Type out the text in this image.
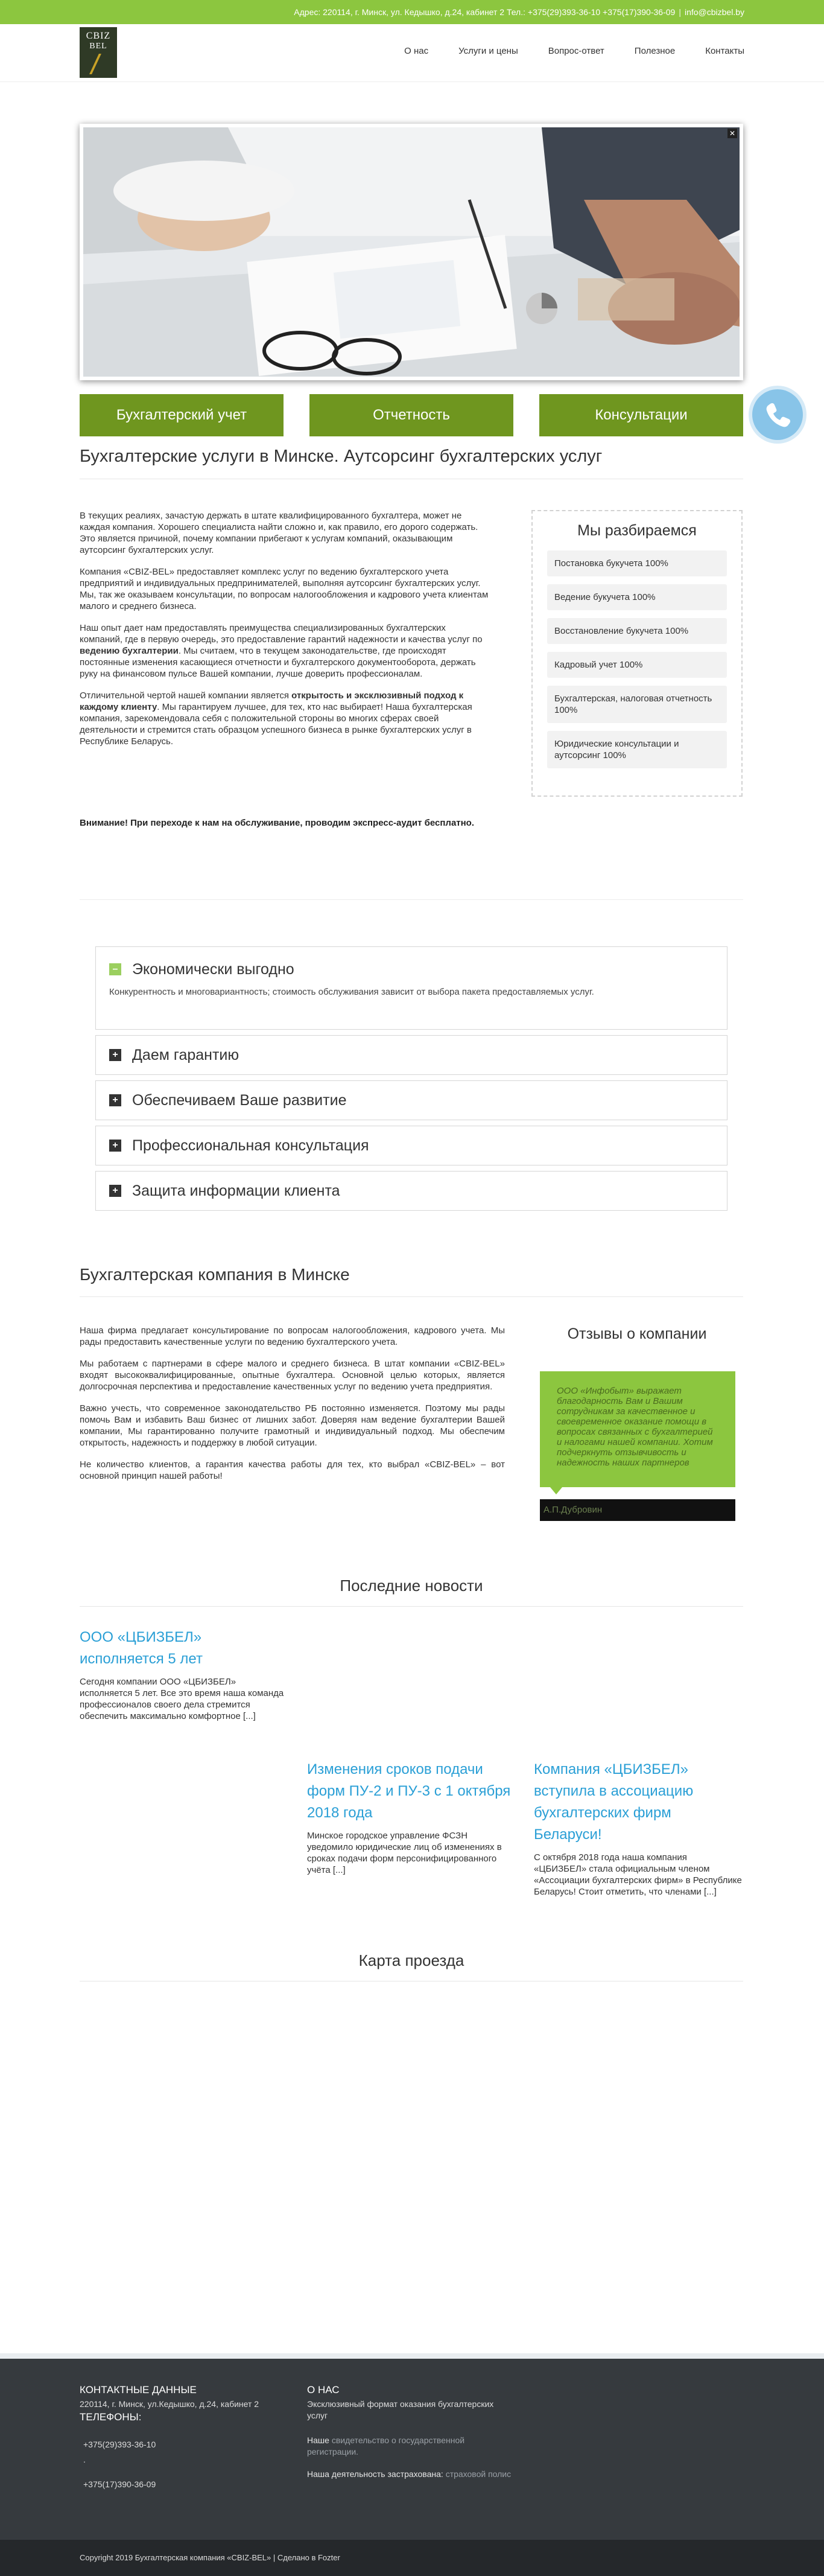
Адрес: 220114, г. Минск, ул. Кедышко, д.24, кабинет 2 Тел.: +375(29)393-36-10 +375(17)390-36-09 | info@cbizbel.by
CBIZ
BEL	О нас	Услуги и цены	Вопрос-ответ	Полезное	Контакты
✕
Бухгалтерский учет	Отчетность	Консультации
Бухгалтерские услуги в Минске. Аутсорсинг бухгалтерских услуг

В текущих реалиях, зачастую держать в штате квалифицированного бухгалтера, может не каждая компания. Хорошего специалиста найти сложно и, как правило, его дорого содержать. Это является причиной, почему компании прибегают к услугам компаний, оказывающим аутсорсинг бухгалтерских услуг.

Компания «CBIZ-BEL» предоставляет комплекс услуг по ведению бухгалтерского учета предприятий и индивидуальных предпринимателей, выполняя аутсорсинг бухгалтерских услуг. Мы, так же оказываем консультации, по вопросам налогообложения и кадрового учета клиентам малого и среднего бизнеса.

Наш опыт дает нам предоставлять преимущества специализированных бухгалтерских компаний, где в первую очередь, это предоставление гарантий надежности и качества услуг по ведению бухгалтерии. Мы считаем, что в текущем законодательстве, где происходят постоянные изменения касающиеся отчетности и бухгалтерского документооборота, держать руку на финансовом пульсе Вашей компании, лучше доверить профессионалам.

Отличительной чертой нашей компании является открытость и эксклюзивный подход к каждому клиенту. Мы гарантируем лучшее, для тех, кто нас выбирает! Наша бухгалтерская компания, зарекомендовала себя с положительной стороны во многих сферах своей деятельности и стремится стать образцом успешного бизнеса в рынке бухгалтерских услуг в Республике Беларусь.

Внимание! При переходе к нам на обслуживание, проводим экспресс-аудит бесплатно.
Мы разбираемся
Постановка букучета 100%
Ведение букучета 100%
Восстановление букучета 100%
Кадровый учет 100%
Бухгалтерская, налоговая отчетность 100%
Юридические консультации и аутсорсинг 100%
– Экономически выгодно
Конкурентность и многовариантность; стоимость обслуживания зависит от выбора пакета предоставляемых услуг.
+ Даем гарантию
+ Обеспечиваем Ваше развитие
+ Профессиональная консультация
+ Защита информации клиента
Бухгалтерская компания в Минске

Наша фирма предлагает консультирование по вопросам налогообложения, кадрового учета. Мы рады предоставить качественные услуги по ведению бухгалтерского учета.

Мы работаем с партнерами в сфере малого и среднего бизнеса. В штат компании «CBIZ-BEL» входят высококвалифицированные, опытные бухгалтера. Основной целью которых, является долгосрочная перспектива и предоставление качественных услуг по ведению учета предприятия.

Важно учесть, что современное законодательство РБ постоянно изменяется. Поэтому мы рады помочь Вам и избавить Ваш бизнес от лишних забот. Доверяя нам ведение бухгалтерии Вашей компании, Мы гарантированно получите грамотный и индивидуальный подход. Мы обеспечим открытость, надежность и поддержку в любой ситуации.

Не количество клиентов, а гарантия качества работы для тех, кто выбрал «CBIZ-BEL» – вот основной принцип нашей работы!

Отзывы о компании
ООО «Инфобыт» выражает благодарность Вам и Вашим сотрудникам за качественное и своевременное оказание помощи в вопросах связанных с бухгалтерией и налогами нашей компании. Хотим подчеркнуть отзывчивость и надежность наших партнеров
А.П.Дубровин
Последние новости
ООО «ЦБИЗБЕЛ» исполняется 5 лет

Сегодня компании ООО «ЦБИЗБЕЛ» исполняется 5 лет. Все это время наша команда профессионалов своего дела стремится обеспечить максимально комфортное [...]

Изменения сроков подачи форм ПУ-2 и ПУ-3 с 1 октября 2018 года

Минское городское управление ФСЗН уведомило юридические лиц об изменениях в сроках подачи форм персонифицированного учёта [...]

Компания «ЦБИЗБЕЛ» вступила в ассоциацию бухгалтерских фирм Беларуси!

С октября 2018 года наша компания «ЦБИЗБЕЛ» стала официальным членом «Ассоциации бухгалтерских фирм» в Республике Беларусь! Стоит отметить, что членами [...]

Карта проезда
КОНТАКТНЫЕ ДАННЫЕ
220114, г. Минск, ул.Кедышко, д.24, кабинет 2
ТЕЛЕФОНЫ:
+375(29)393-36-10
.
+375(17)390-36-09
О НАС
Эксклюзивный формат оказания бухгалтерских услуг

Наше свидетельство о государственной регистрации.

Наша деятельность застрахована: страховой полис

Copyright 2019 Бухгалтерская компания «CBIZ-BEL» | Сделано в Fozter
